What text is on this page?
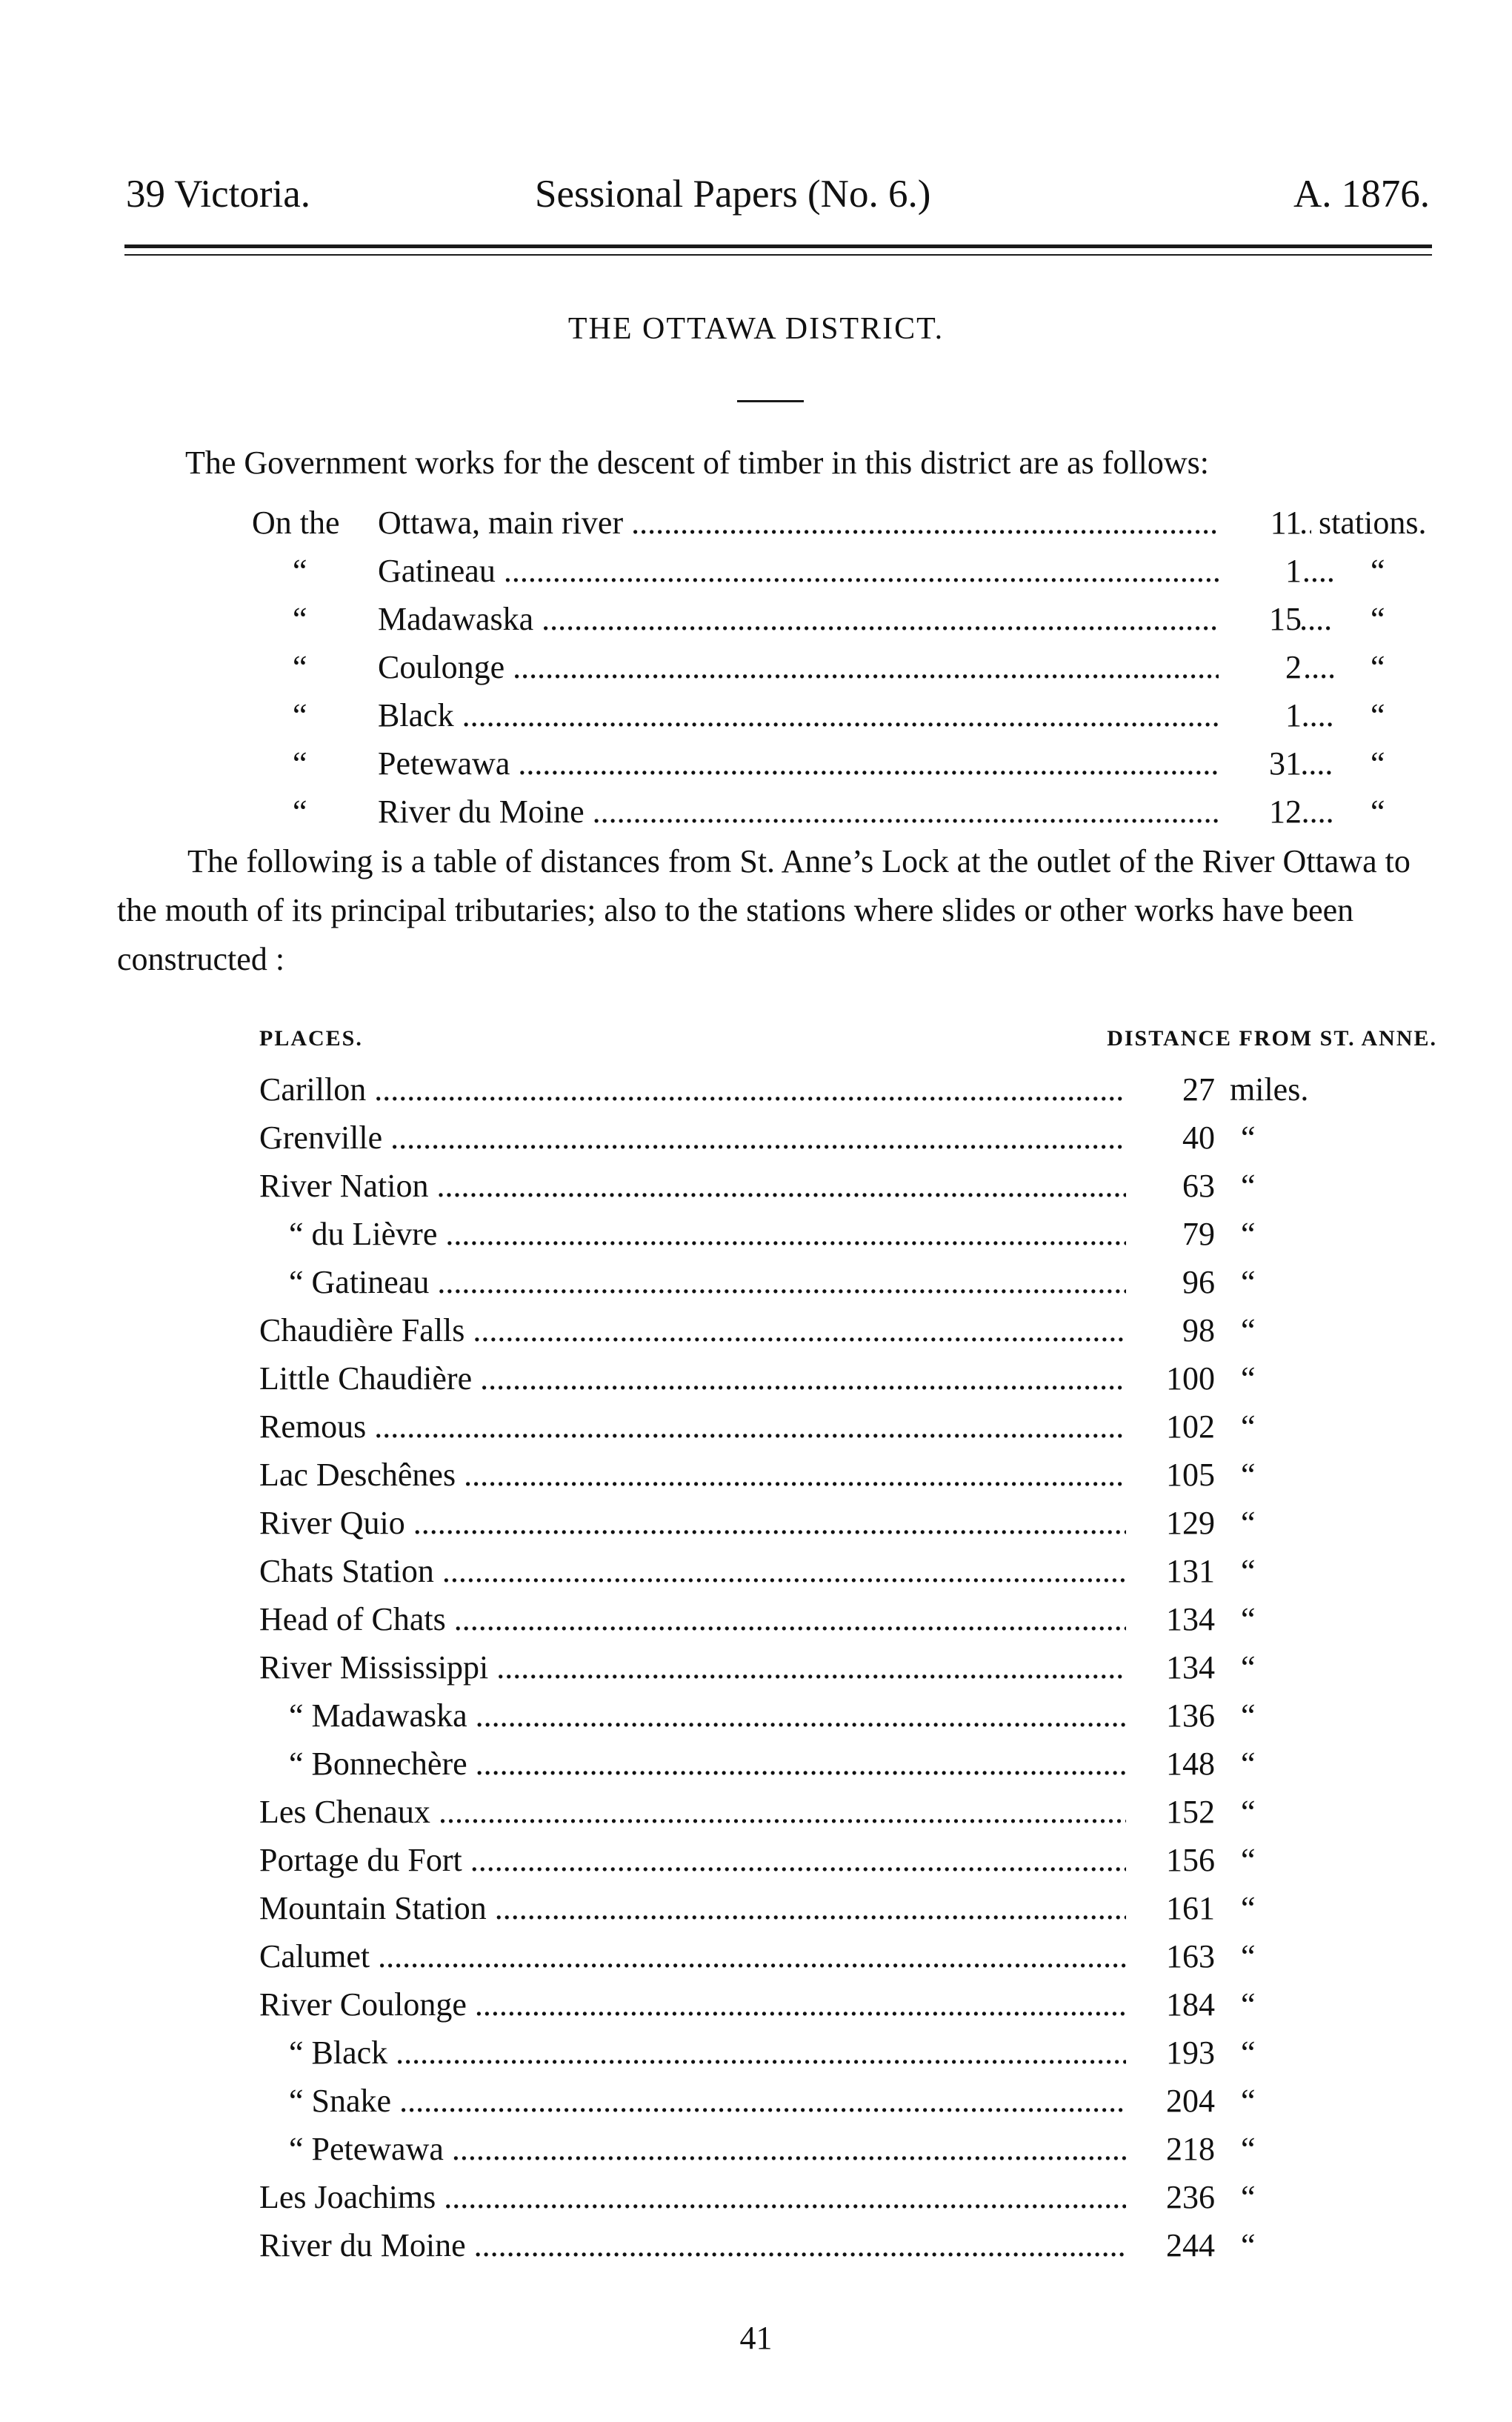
39 Victoria.	Sessional Papers (No. 6.)	A. 1876.
THE OTTAWA DISTRICT.
The Government works for the descent of timber in this district are as follows:
On the Ottawa, main river .....	11 stations.
“ Gatineau .....	1 “
“ Madawaska .....	15 “
“ Coulonge .....	2 “
“ Black .....	1 “
“ Petewawa .....	31 “
“ River du Moine .....	12 “
The following is a table of distances from St. Anne’s Lock at the outlet of the River Ottawa to the mouth of its principal tributaries; also to the stations where slides or other works have been constructed :
PLACES.	DISTANCE FROM ST. ANNE.
Carillon .....	27 miles.
Grenville .....	40 “
River Nation .....	63 “
“ du Lièvre .....	79 “
“ Gatineau .....	96 “
Chaudière Falls .....	98 “
Little Chaudière .....	100 “
Remous .....	102 “
Lac Deschênes .....	105 “
River Quio .....	129 “
Chats Station .....	131 “
Head of Chats .....	134 “
River Mississippi .....	134 “
“ Madawaska .....	136 “
“ Bonnechère .....	148 “
Les Chenaux .....	152 “
Portage du Fort .....	156 “
Mountain Station .....	161 “
Calumet .....	163 “
River Coulonge .....	184 “
“ Black .....	193 “
“ Snake .....	204 “
“ Petewawa .....	218 “
Les Joachims .....	236 “
River du Moine .....	244 “
41
